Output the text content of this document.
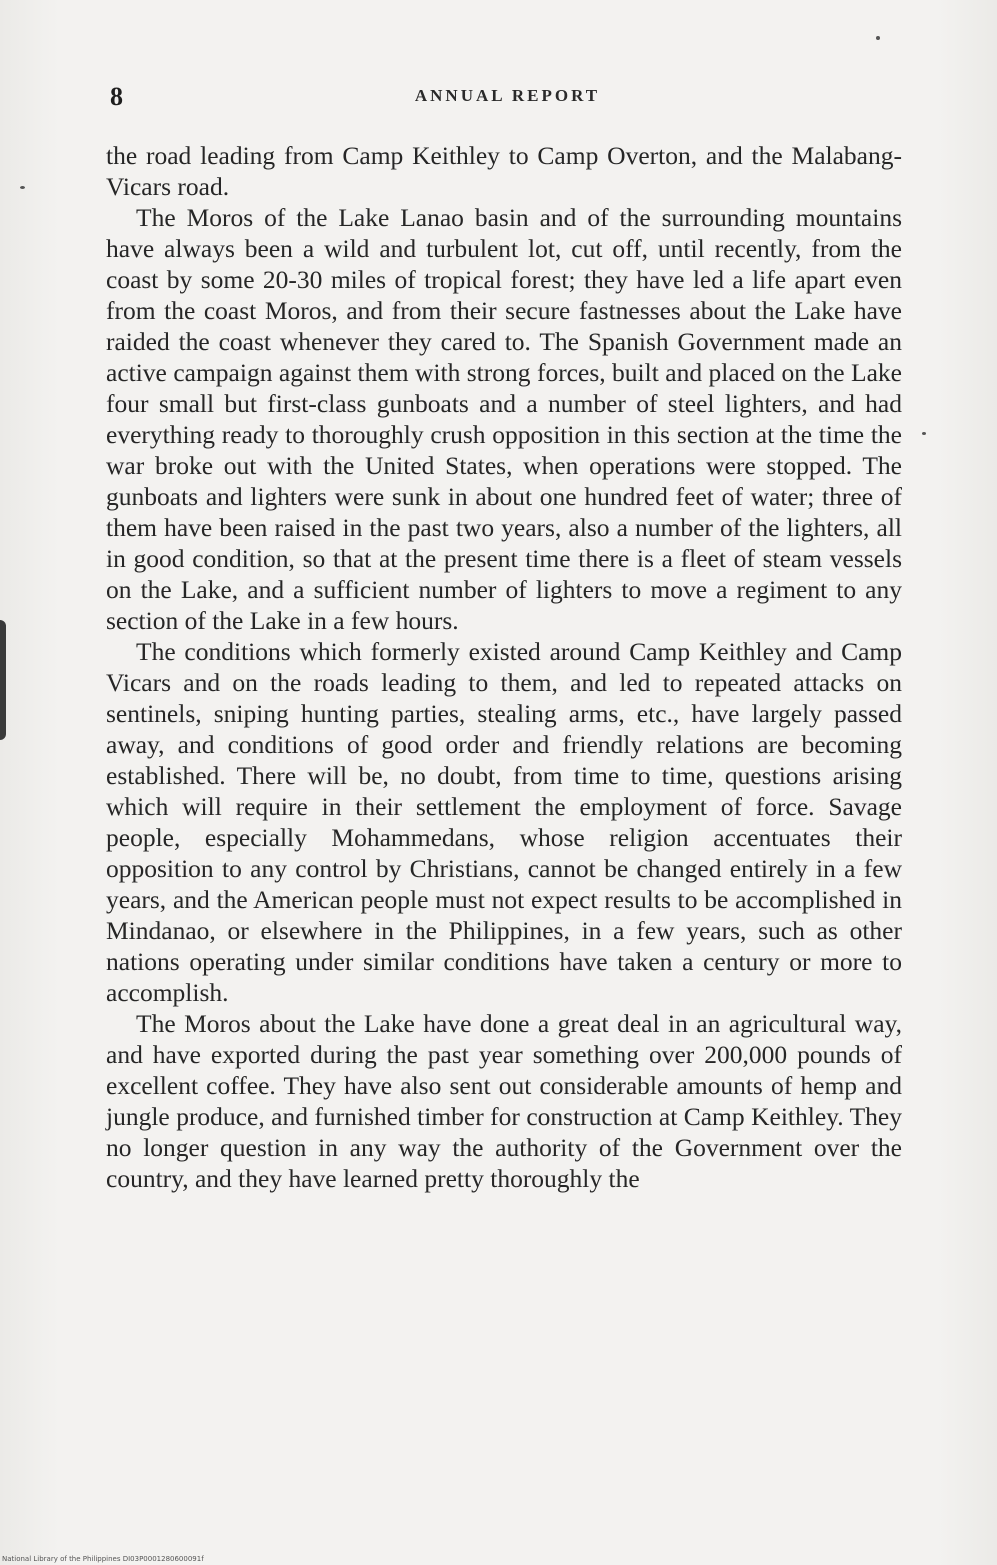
8	ANNUAL REPORT

the road leading from Camp Keithley to Camp Overton, and the Malabang-Vicars road.

The Moros of the Lake Lanao basin and of the surrounding mountains have always been a wild and turbulent lot, cut off, until recently, from the coast by some 20-30 miles of tropical forest; they have led a life apart even from the coast Moros, and from their secure fastnesses about the Lake have raided the coast whenever they cared to. The Spanish Government made an active campaign against them with strong forces, built and placed on the Lake four small but first-class gunboats and a number of steel lighters, and had everything ready to thoroughly crush opposition in this section at the time the war broke out with the United States, when operations were stopped. The gunboats and lighters were sunk in about one hundred feet of water; three of them have been raised in the past two years, also a number of the lighters, all in good condition, so that at the present time there is a fleet of steam vessels on the Lake, and a sufficient number of lighters to move a regiment to any section of the Lake in a few hours.

The conditions which formerly existed around Camp Keithley and Camp Vicars and on the roads leading to them, and led to repeated attacks on sentinels, sniping hunting parties, stealing arms, etc., have largely passed away, and conditions of good order and friendly relations are becoming established. There will be, no doubt, from time to time, questions arising which will require in their settlement the employment of force. Savage people, especially Mohammedans, whose religion accentuates their opposition to any control by Christians, cannot be changed entirely in a few years, and the American people must not expect results to be accomplished in Mindanao, or elsewhere in the Philippines, in a few years, such as other nations operating under similar conditions have taken a century or more to accomplish.

The Moros about the Lake have done a great deal in an agricultural way, and have exported during the past year something over 200,000 pounds of excellent coffee. They have also sent out considerable amounts of hemp and jungle produce, and furnished timber for construction at Camp Keithley. They no longer question in any way the authority of the Government over the country, and they have learned pretty thoroughly the

National Library of the Philippines DI03P0001280600091f
